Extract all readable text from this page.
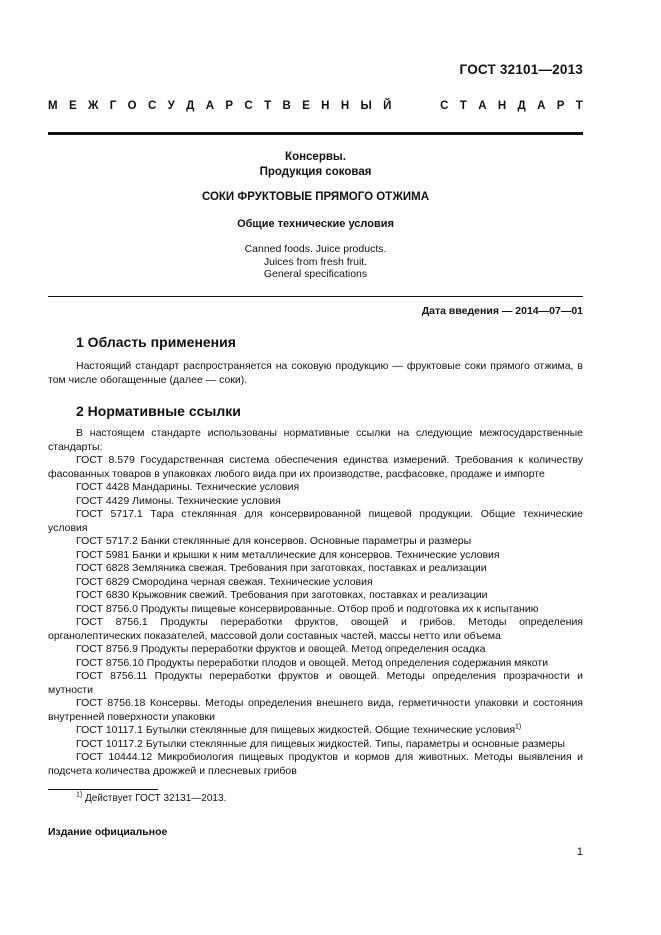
ГОСТ 32101—2013
М Е Ж Г О С У Д А Р С Т В Е Н Н Ы Й	С Т А Н Д А Р Т
Консервы.
Продукция соковая
СОКИ ФРУКТОВЫЕ ПРЯМОГО ОТЖИМА
Общие технические условия
Canned foods. Juice products.
Juices from fresh fruit.
General specifications
Дата введения — 2014—07—01
1 Область применения

Настоящий стандарт распространяется на соковую продукцию — фруктовые соки прямого отжима, в том числе обогащенные (далее — соки).

2 Нормативные ссылки

В настоящем стандарте использованы нормативные ссылки на следующие межгосударственные стандарты:

ГОСТ 8.579 Государственная система обеспечения единства измерений. Требования к количеству фасованных товаров в упаковках любого вида при их производстве, расфасовке, продаже и импорте

ГОСТ 4428 Мандарины. Технические условия

ГОСТ 4429 Лимоны. Технические условия

ГОСТ 5717.1 Тара стеклянная для консервированной пищевой продукции. Общие технические условия

ГОСТ 5717.2 Банки стеклянные для консервов. Основные параметры и размеры

ГОСТ 5981 Банки и крышки к ним металлические для консервов. Технические условия

ГОСТ 6828 Земляника свежая. Требования при заготовках, поставках и реализации

ГОСТ 6829 Смородина черная свежая. Технические условия

ГОСТ 6830 Крыжовник свежий. Требования при заготовках, поставках и реализации

ГОСТ 8756.0 Продукты пищевые консервированные. Отбор проб и подготовка их к испытанию

ГОСТ 8756.1 Продукты переработки фруктов, овощей и грибов. Методы определения органолептических показателей, массовой доли составных частей, массы нетто или объема

ГОСТ 8756.9 Продукты переработки фруктов и овощей. Метод определения осадка

ГОСТ 8756.10 Продукты переработки плодов и овощей. Метод определения содержания мякоти

ГОСТ 8756.11 Продукты переработки фруктов и овощей. Методы определения прозрачности и мутности

ГОСТ 8756.18 Консервы. Методы определения внешнего вида, герметичности упаковки и состояния внутренней поверхности упаковки

ГОСТ 10117.1 Бутылки стеклянные для пищевых жидкостей. Общие технические условия$^{1)}$

ГОСТ 10117.2 Бутылки стеклянные для пищевых жидкостей. Типы, параметры и основные размеры

ГОСТ 10444.12 Микробиология пищевых продуктов и кормов для животных. Методы выявления и подсчета количества дрожжей и плесневых грибов

$^{1)}$ Действует ГОСТ 32131—2013.
Издание официальное
1
